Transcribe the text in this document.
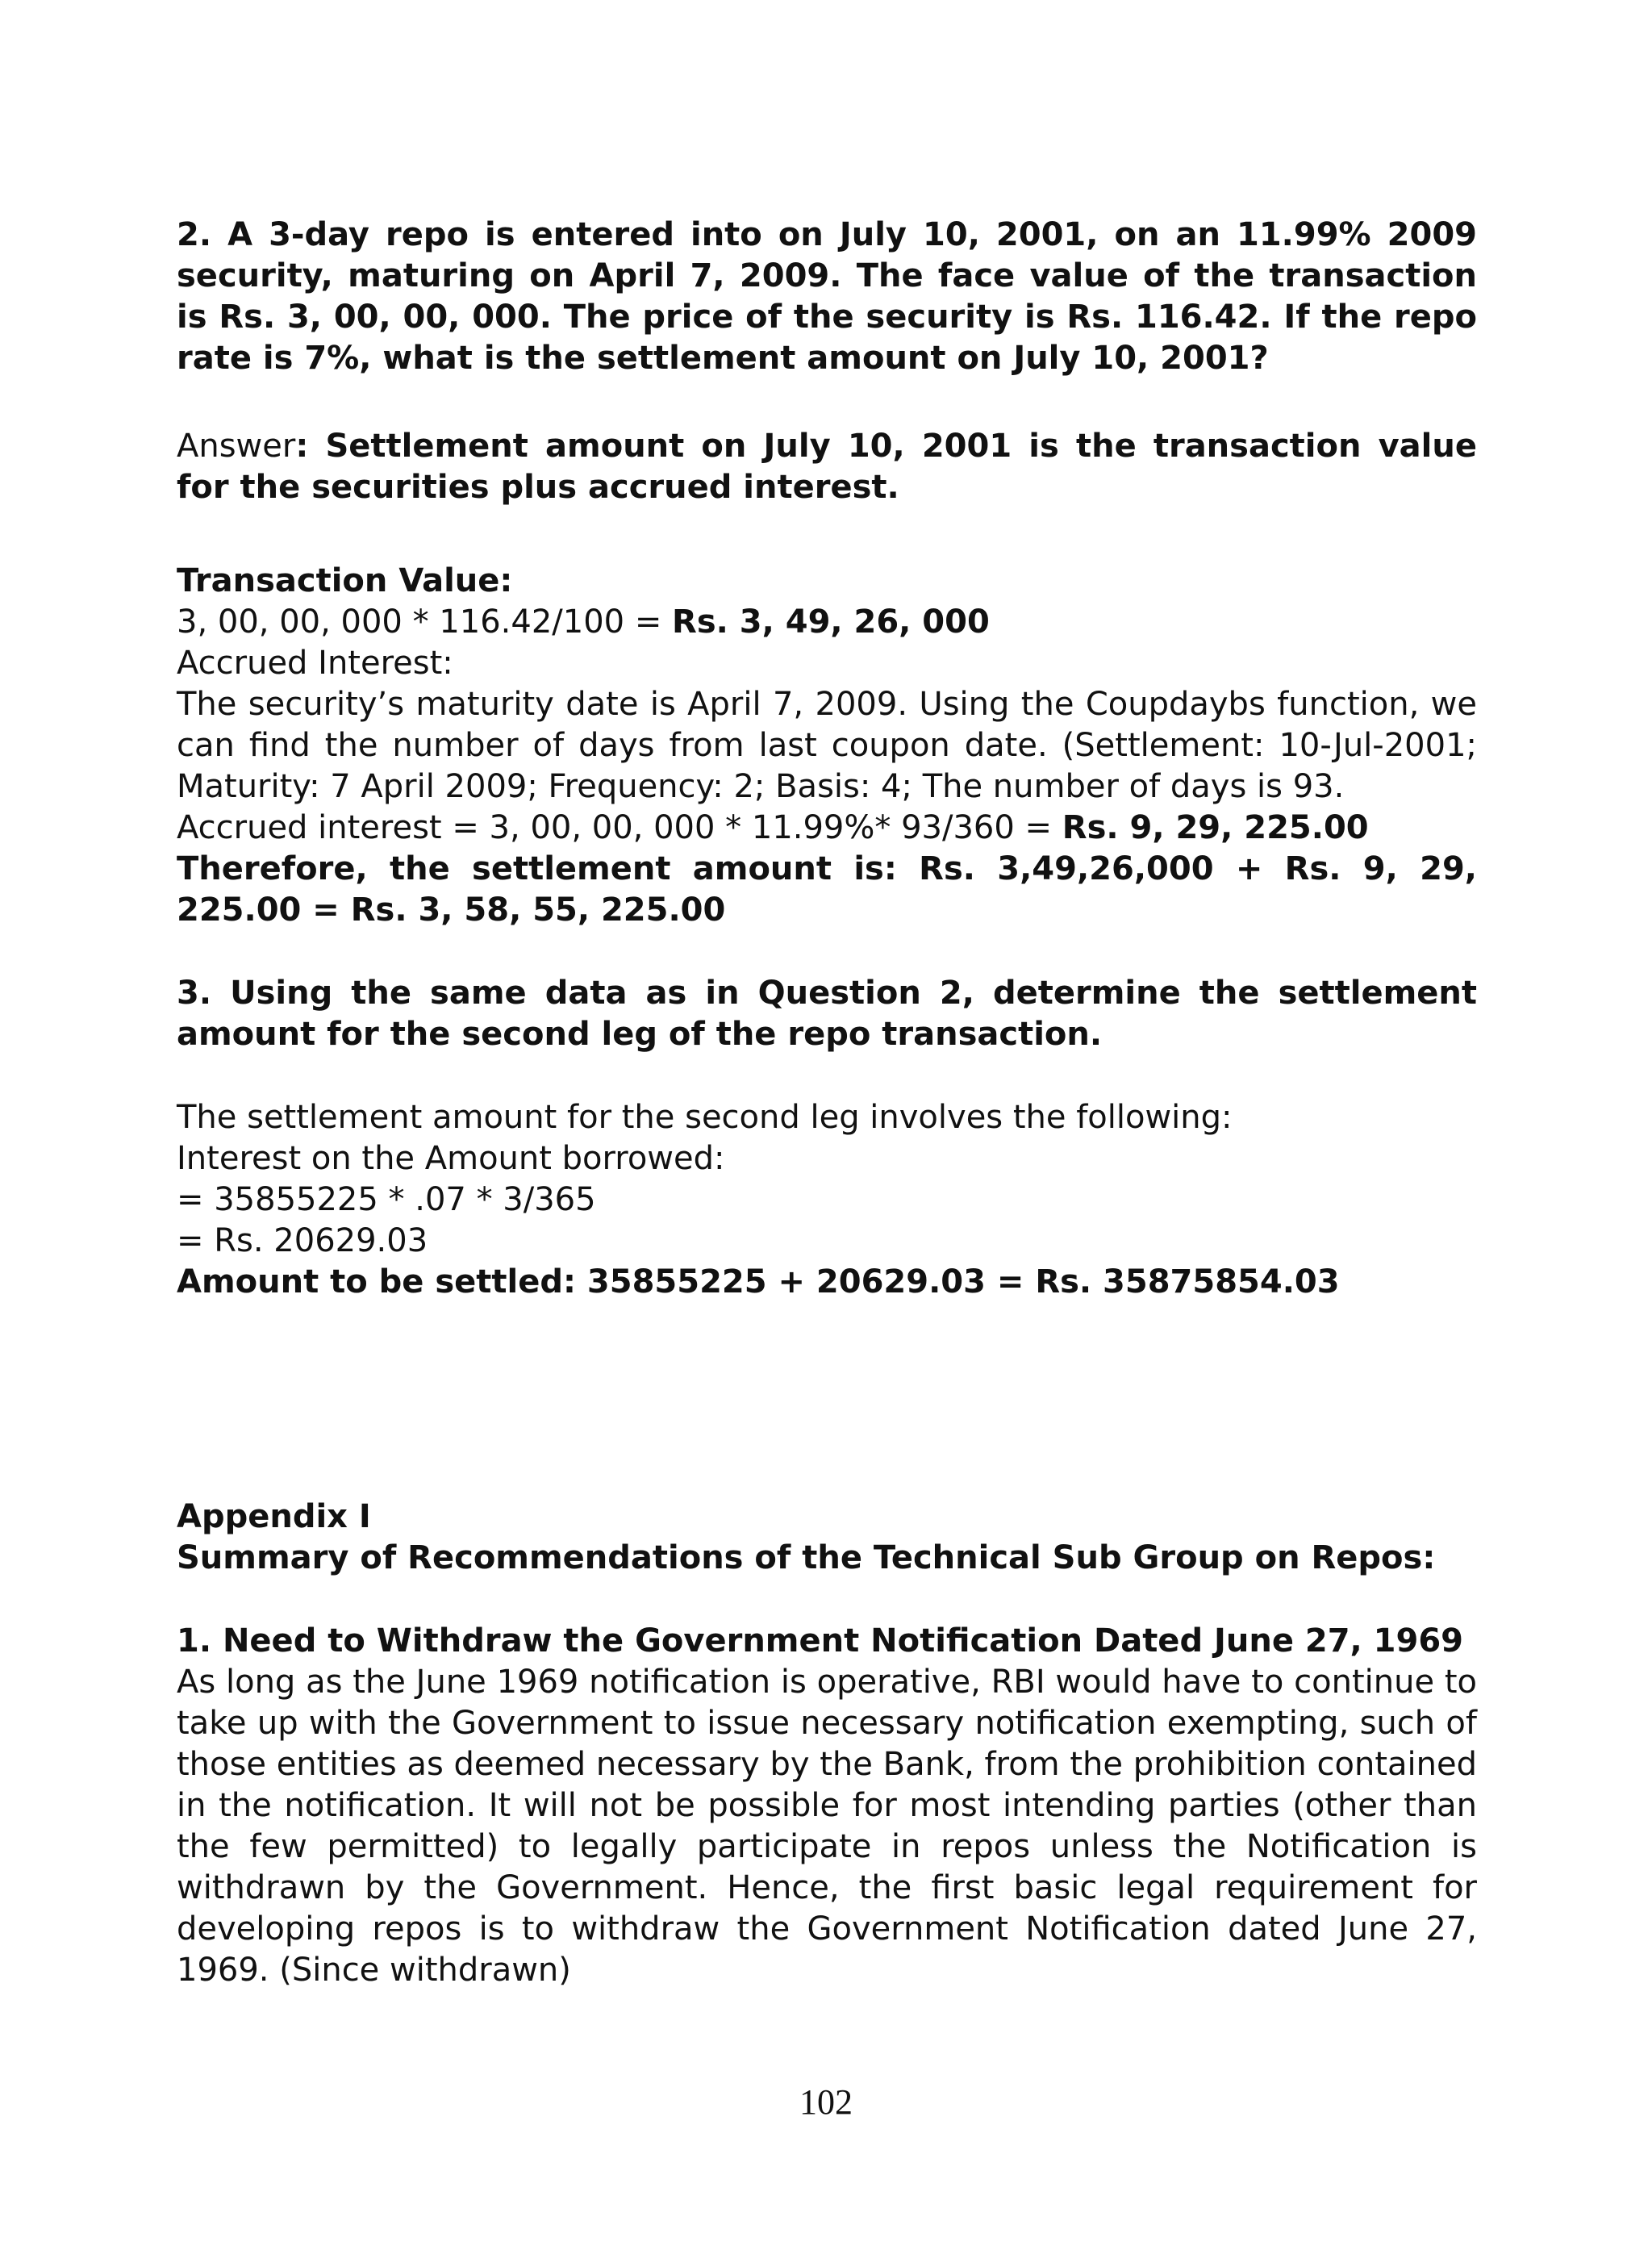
2. A 3-day repo is entered into on July 10, 2001, on an 11.99% 2009 security, maturing on April 7, 2009. The face value of the transaction is Rs. 3, 00, 00, 000. The price of the security is Rs. 116.42. If the repo rate is 7%, what is the settlement amount on July 10, 2001?

Answer: Settlement amount on July 10, 2001 is the transaction value for the securities plus accrued interest.

Transaction Value:

3, 00, 00, 000 * 116.42/100 = Rs. 3, 49, 26, 000

Accrued Interest:

The security’s maturity date is April 7, 2009. Using the Coupdaybs function, we can find the number of days from last coupon date. (Settlement: 10-Jul-2001; Maturity: 7 April 2009; Frequency: 2; Basis: 4; The number of days is 93.

Accrued interest = 3, 00, 00, 000 * 11.99%* 93/360 = Rs. 9, 29, 225.00

Therefore, the settlement amount is: Rs. 3,49,26,000 + Rs. 9, 29, 225.00 = Rs. 3, 58, 55, 225.00

3. Using the same data as in Question 2, determine the settlement amount for the second leg of the repo transaction.

The settlement amount for the second leg involves the following:

Interest on the Amount borrowed:

= 35855225 * .07 * 3/365

= Rs. 20629.03

Amount to be settled: 35855225 + 20629.03 = Rs. 35875854.03

Appendix I

Summary of Recommendations of the Technical Sub Group on Repos:

1. Need to Withdraw the Government Notification Dated June 27, 1969

As long as the June 1969 notification is operative, RBI would have to continue to take up with the Government to issue necessary notification exempting, such of those entities as deemed necessary by the Bank, from the prohibition contained in the notification. It will not be possible for most intending parties (other than the few permitted) to legally participate in repos unless the Notification is withdrawn by the Government. Hence, the first basic legal requirement for developing repos is to withdraw the Government Notification dated June 27, 1969. (Since withdrawn)

102
